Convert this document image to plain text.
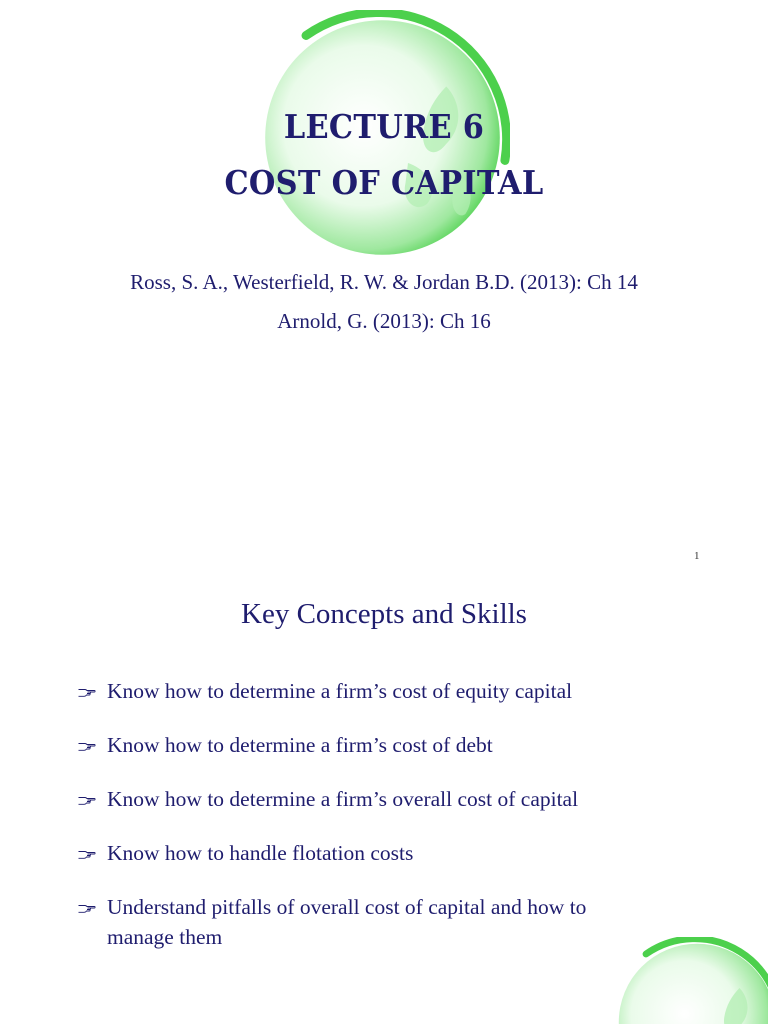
LECTURE 6
COST OF CAPITAL
Ross, S. A., Westerfield, R. W. & Jordan B.D. (2013): Ch 14
Arnold, G. (2013): Ch 16
1
Key Concepts and Skills
Know how to determine a firm’s cost of equity capital
Know how to determine a firm’s cost of debt
Know how to determine a firm’s overall cost of capital
Know how to handle flotation costs
Understand pitfalls of overall cost of capital and how to manage them
